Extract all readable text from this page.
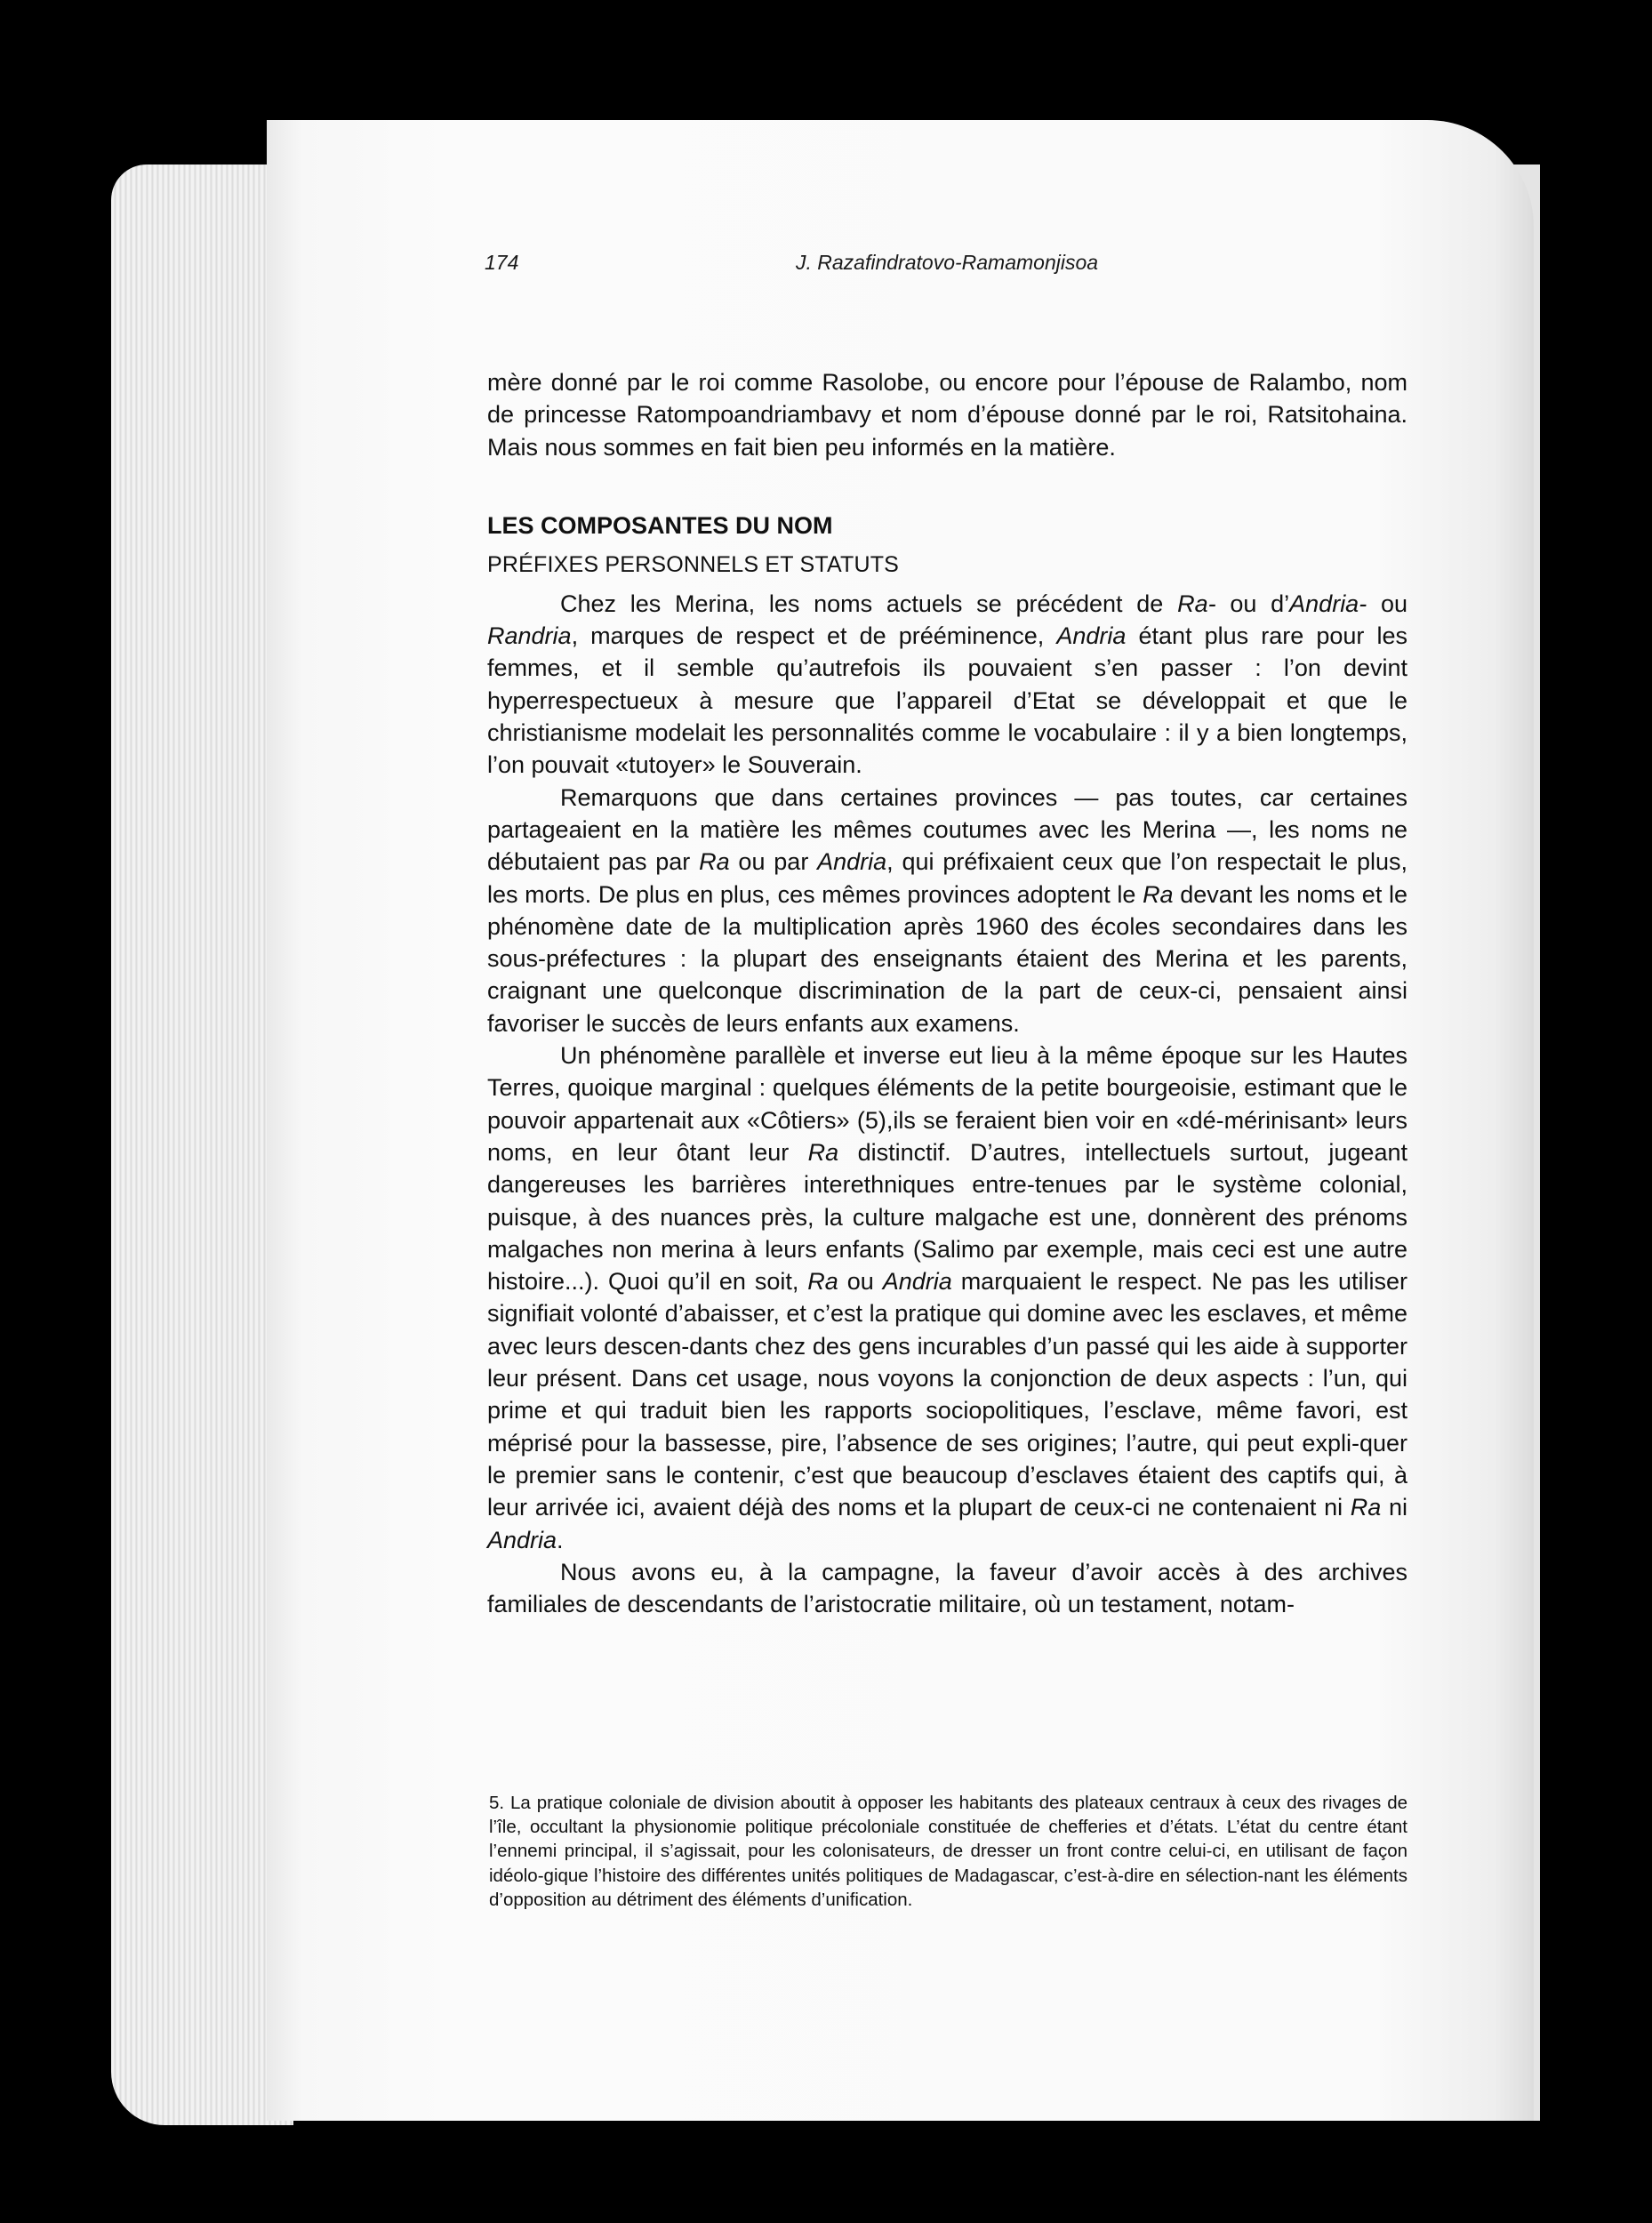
174	J. Razafindratovo-Ramamonjisoa

mère donné par le roi comme Rasolobe, ou encore pour l’épouse de Ralambo, nom de princesse Ratompoandriambavy et nom d’épouse donné par le roi, Ratsitohaina. Mais nous sommes en fait bien peu informés en la matière.

LES COMPOSANTES DU NOM
PRÉFIXES PERSONNELS ET STATUTS

Chez les Merina, les noms actuels se précédent de Ra- ou d’Andria- ou Randria, marques de respect et de prééminence, Andria étant plus rare pour les femmes, et il semble qu’autrefois ils pouvaient s’en passer : l’on devint hyperrespectueux à mesure que l’appareil d’Etat se développait et que le christianisme modelait les personnalités comme le vocabulaire : il y a bien longtemps, l’on pouvait «tutoyer» le Souverain.

Remarquons que dans certaines provinces — pas toutes, car certaines partageaient en la matière les mêmes coutumes avec les Merina —, les noms ne débutaient pas par Ra ou par Andria, qui préfixaient ceux que l’on respectait le plus, les morts. De plus en plus, ces mêmes provinces adoptent le Ra devant les noms et le phénomène date de la multiplication après 1960 des écoles secondaires dans les sous-préfectures : la plupart des enseignants étaient des Merina et les parents, craignant une quelconque discrimination de la part de ceux-ci, pensaient ainsi favoriser le succès de leurs enfants aux examens.

Un phénomène parallèle et inverse eut lieu à la même époque sur les Hautes Terres, quoique marginal : quelques éléments de la petite bourgeoisie, estimant que le pouvoir appartenait aux «Côtiers» (5),ils se feraient bien voir en «dé-mérinisant» leurs noms, en leur ôtant leur Ra distinctif. D’autres, intellectuels surtout, jugeant dangereuses les barrières interethniques entre-tenues par le système colonial, puisque, à des nuances près, la culture malgache est une, donnèrent des prénoms malgaches non merina à leurs enfants (Salimo par exemple, mais ceci est une autre histoire...). Quoi qu’il en soit, Ra ou Andria marquaient le respect. Ne pas les utiliser signifiait volonté d’abaisser, et c’est la pratique qui domine avec les esclaves, et même avec leurs descen-dants chez des gens incurables d’un passé qui les aide à supporter leur présent. Dans cet usage, nous voyons la conjonction de deux aspects : l’un, qui prime et qui traduit bien les rapports sociopolitiques, l’esclave, même favori, est méprisé pour la bassesse, pire, l’absence de ses origines; l’autre, qui peut expli-quer le premier sans le contenir, c’est que beaucoup d’esclaves étaient des captifs qui, à leur arrivée ici, avaient déjà des noms et la plupart de ceux-ci ne contenaient ni Ra ni Andria.

Nous avons eu, à la campagne, la faveur d’avoir accès à des archives familiales de descendants de l’aristocratie militaire, où un testament, notam-

5. La pratique coloniale de division aboutit à opposer les habitants des plateaux centraux à ceux des rivages de l’île, occultant la physionomie politique précoloniale constituée de chefferies et d’états. L’état du centre étant l’ennemi principal, il s’agissait, pour les colonisateurs, de dresser un front contre celui-ci, en utilisant de façon idéolo-gique l’histoire des différentes unités politiques de Madagascar, c’est-à-dire en sélection-nant les éléments d’opposition au détriment des éléments d’unification.
